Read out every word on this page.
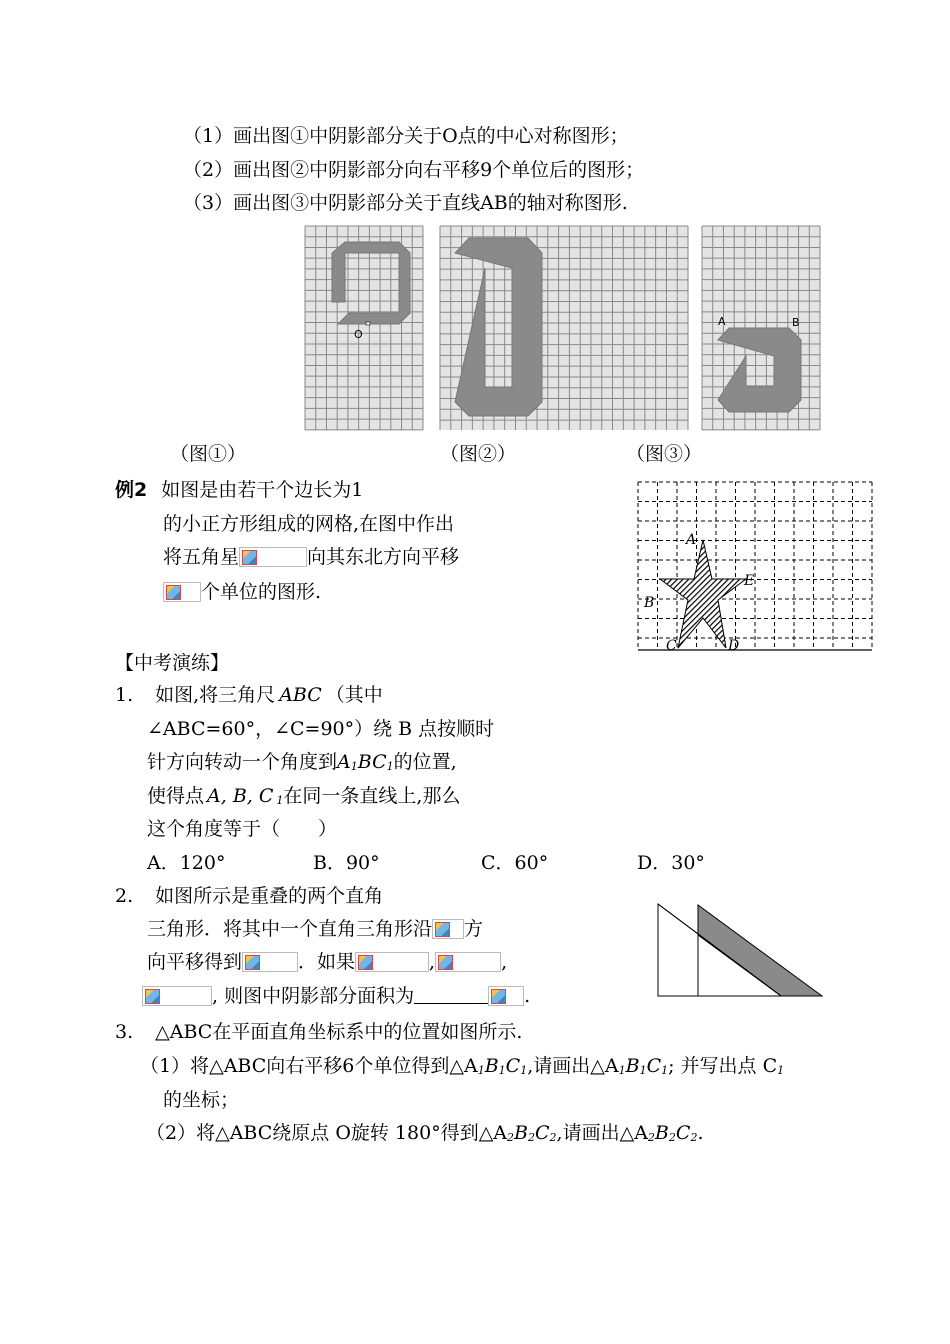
（1）画出图①中阴影部分关于O点的中心对称图形；
（2）画出图②中阴影部分向右平移9个单位后的图形；
（3）画出图③中阴影部分关于直线AB的轴对称图形.
O
A	B
（图①）	（图②）	（图③）
例2 如图是由若干个边长为1
的小正方形组成的网格,在图中作出
将五角星	向其东北方向平移
个单位的图形.
A
B
C	D
E
【中考演练】
1. 如图,将三角尺 ABC （其中
∠ABC=60°，∠C=90°）绕 B 点按顺时
针方向转动一个角度到$A_1BC_1$的位置,
使得点 A, B, C $_1$在同一条直线上,那么
这个角度等于（　　）
A．120°	B．90°	C．60°	D．30°
2. 如图所示是重叠的两个直角
三角形．将其中一个直角三角形沿 方
向平移得到	．如果	,	,
, 则图中阴影部分面积为	.
3. △ABC在平面直角坐标系中的位置如图所示.
（1）将△ABC向右平移6个单位得到$\triangle A_1B_1C_1$,请画出$\triangle A_1B_1C_1$; 并写出点 $C_1$
的坐标；
（2）将△ABC绕原点 O旋转 180°得到$\triangle A_2B_2C_2$,请画出$\triangle A_2B_2C_2$.
